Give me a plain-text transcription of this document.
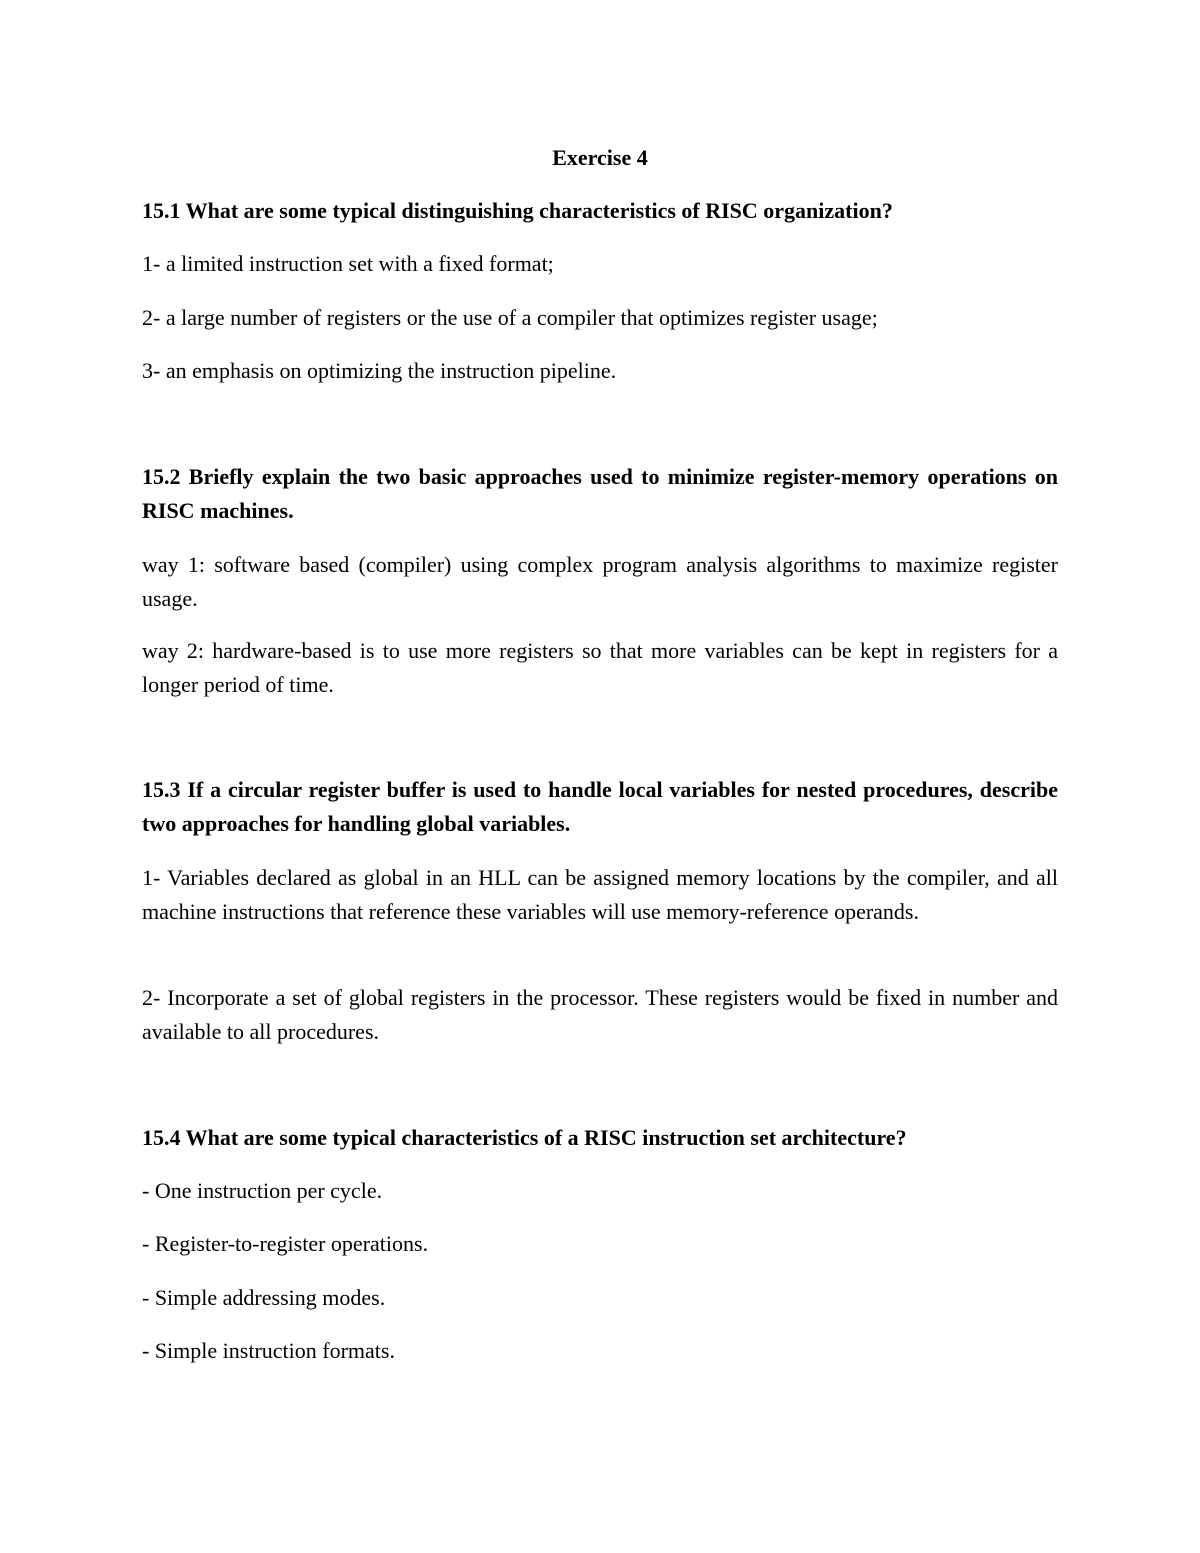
Exercise 4

15.1 What are some typical distinguishing characteristics of RISC organization?

1- a limited instruction set with a fixed format;

2- a large number of registers or the use of a compiler that optimizes register usage;

3- an emphasis on optimizing the instruction pipeline.

15.2 Briefly explain the two basic approaches used to minimize register-memory operations on RISC machines.

way 1: software based (compiler) using complex program analysis algorithms to maximize register usage.

way 2: hardware-based is to use more registers so that more variables can be kept in registers for a longer period of time.

15.3 If a circular register buffer is used to handle local variables for nested procedures, describe two approaches for handling global variables.

1- Variables declared as global in an HLL can be assigned memory locations by the compiler, and all machine instructions that reference these variables will use memory-reference operands.

2- Incorporate a set of global registers in the processor. These registers would be fixed in number and available to all procedures.

15.4 What are some typical characteristics of a RISC instruction set architecture?

- One instruction per cycle.

- Register-to-register operations.

- Simple addressing modes.

- Simple instruction formats.
